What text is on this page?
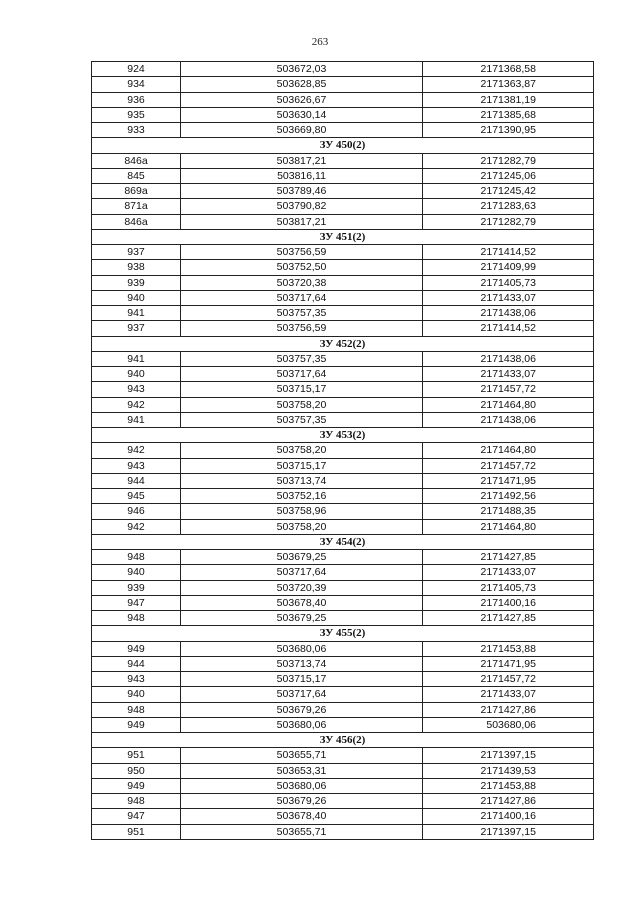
263
924	503672,03	2171368,58
934	503628,85	2171363,87
936	503626,67	2171381,19
935	503630,14	2171385,68
933	503669,80	2171390,95
ЗУ 450(2)		
846а	503817,21	2171282,79
845	503816,11	2171245,06
869а	503789,46	2171245,42
871а	503790,82	2171283,63
846а	503817,21	2171282,79
ЗУ 451(2)		
937	503756,59	2171414,52
938	503752,50	2171409,99
939	503720,38	2171405,73
940	503717,64	2171433,07
941	503757,35	2171438,06
937	503756,59	2171414,52
ЗУ 452(2)		
941	503757,35	2171438,06
940	503717,64	2171433,07
943	503715,17	2171457,72
942	503758,20	2171464,80
941	503757,35	2171438,06
ЗУ 453(2)		
942	503758,20	2171464,80
943	503715,17	2171457,72
944	503713,74	2171471,95
945	503752,16	2171492,56
946	503758,96	2171488,35
942	503758,20	2171464,80
ЗУ 454(2)		
948	503679,25	2171427,85
940	503717,64	2171433,07
939	503720,39	2171405,73
947	503678,40	2171400,16
948	503679,25	2171427,85
ЗУ 455(2)		
949	503680,06	2171453,88
944	503713,74	2171471,95
943	503715,17	2171457,72
940	503717,64	2171433,07
948	503679,26	2171427,86
949	503680,06	503680,06
ЗУ 456(2)		
951	503655,71	2171397,15
950	503653,31	2171439,53
949	503680,06	2171453,88
948	503679,26	2171427,86
947	503678,40	2171400,16
951	503655,71	2171397,15
